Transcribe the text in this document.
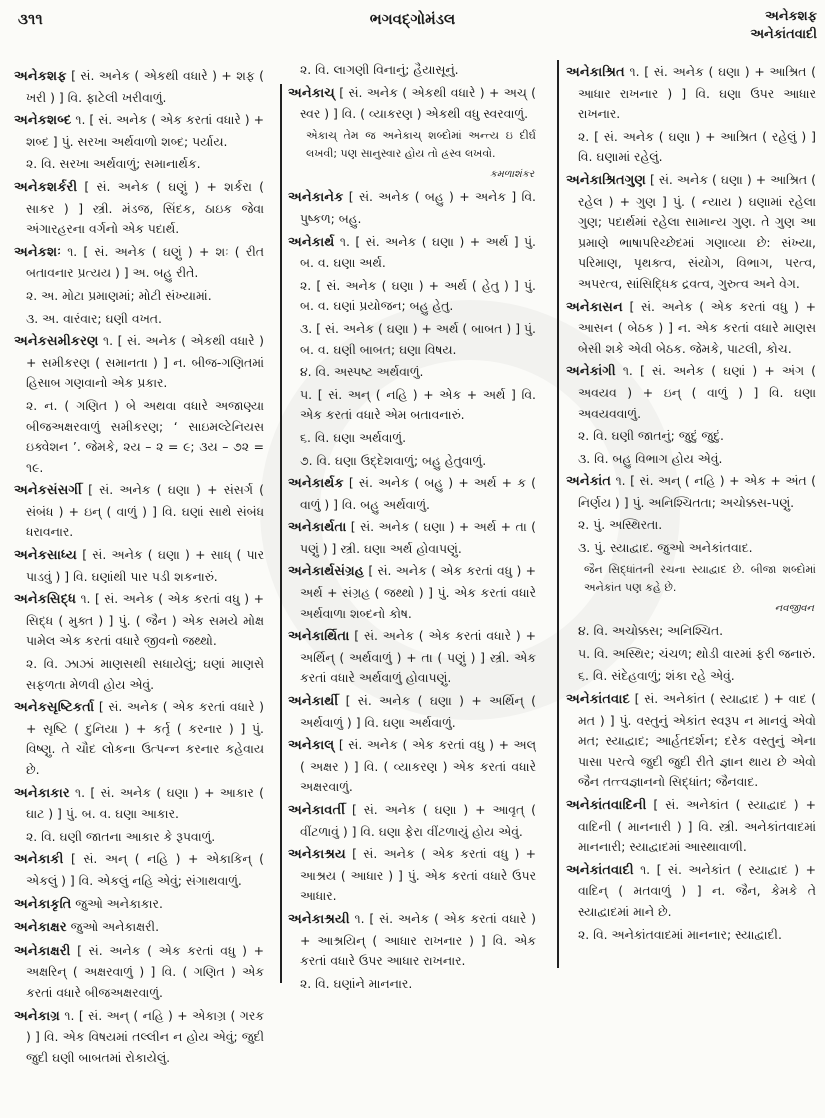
૩૧૧	ભગવદ્ગોમંડલ	અનેકશફ
અનેકાંતવાદી

અનેકશફ [ સં. અનેક ( એકથી વધારે ) + શફ ( ખરી ) ] વિ. ફાટેલી ખરીવાળું.

અનેકશબ્દ ૧. [ સં. અનેક ( એક કરતાં વધારે ) + શબ્દ ] પું. સરખા અર્થવાળો શબ્દ; પર્યાય.

૨. વિ. સરખા અર્થવાળું; સમાનાર્થક.

અનેકશર્કરી [ સં. અનેક ( ઘણું ) + શર્કરા ( સાકર ) ] સ્ત્રી. મંડજ, સિંદક, ઠાઇક જેવા અંગારહરના વર્ગનો એક પદાર્થ.

અનેકશઃ ૧. [ સં. અનેક ( ઘણું ) + શઃ ( રીત બતાવનાર પ્રત્યય ) ] અ. બહુ રીતે.

૨. અ. મોટા પ્રમાણમાં; મોટી સંખ્યામાં.

૩. અ. વારંવાર; ઘણી વખત.

અનેકસમીકરણ ૧. [ સં. અનેક ( એકથી વધારે ) + સમીકરણ ( સમાનતા ) ] ન. બીજ-ગણિતમાં હિસાબ ગણવાનો એક પ્રકાર.

૨. ન. ( ગણિત ) બે અથવા વધારે અજાણ્યા બીજઅક્ષરવાળું સમીકરણ; ‘ સાઇમલ્ટેનિયસ ઇક્વેશન ’. જેમકે, ૨ય – ૨ = ૯; ૩ય – ૭૨ = ૧૯.

અનેકસંસર્ગી [ સં. અનેક ( ઘણા ) + સંસર્ગ ( સંબંધ ) + ઇન્ ( વાળું ) ] વિ. ઘણાં સાથે સંબંધ ધરાવનાર.

અનેકસાધ્ય [ સં. અનેક ( ઘણા ) + સાધ્ ( પાર પાડવું ) ] વિ. ઘણાંથી પાર પડી શકનારું.

અનેકસિદ્ધ ૧. [ સં. અનેક ( એક કરતાં વધુ ) + સિદ્ધ ( મુક્ત ) ] પું. ( જૈન ) એક સમયે મોક્ષ પામેલ એક કરતાં વધારે જીવનો જથ્થો.

૨. વિ. ઝાઝાં માણસથી સધાયેલું; ઘણાં માણસે સફળતા મેળવી હોય એવું.

અનેકસૃષ્ટિકર્તા [ સં. અનેક ( એક કરતાં વધારે ) + સૃષ્ટિ ( દુનિયા ) + કર્તૃ ( કરનાર ) ] પું. વિષ્ણુ. તે ચૌદ લોકના ઉત્પન્ન કરનાર કહેવાય છે.

અનેકાકાર ૧. [ સં. અનેક ( ઘણા ) + આકાર ( ઘાટ ) ] પું. બ. વ. ઘણા આકાર.

૨. વિ. ઘણી જાતના આકાર કે રૂપવાળું.

અનેકાકી [ સં. અન્ ( નહિ ) + એકાકિન્ ( એકલું ) ] વિ. એકલું નહિ એવું; સંગાથવાળું.

અનેકાકૃતિ જુઓ અનેકાકાર.

અનેકાક્ષર જુઓ અનેકાક્ષરી.

અનેકાક્ષરી [ સં. અનેક ( એક કરતાં વધુ ) + અક્ષરિન્ ( અક્ષરવાળું ) ] વિ. ( ગણિત ) એક કરતાં વધારે બીજઅક્ષરવાળું.

અનેકાગ્ર ૧. [ સં. અન્ ( નહિ ) + એકાગ્ર ( ગરક ) ] વિ. એક વિષયમાં તલ્લીન ન હોય એવું; જુદી જુદી ઘણી બાબતમાં રોકાયેલું.

૨. વિ. લાગણી વિનાનું; હૈયાસૂનું.

અનેકાચ્ [ સં. અનેક ( એકથી વધારે ) + અચ્ ( સ્વર ) ] વિ. ( વ્યાકરણ ) એકથી વધુ સ્વરવાળું.

એકાચ્ તેમ જ અનેકાચ્ શબ્દોમાં અન્ત્ય ઇ દીર્ઘ લખવી; પણ સાનુસ્વાર હોય તો હ્રસ્વ લખવો.

કમળાશંકર

અનેકાનેક [ સં. અનેક ( બહુ ) + અનેક ] વિ. પુષ્કળ; બહુ.

અનેકાર્થ ૧. [ સં. અનેક ( ઘણા ) + અર્થ ] પું. બ. વ. ઘણા અર્થ.

૨. [ સં. અનેક ( ઘણા ) + અર્થ ( હેતુ ) ] પું. બ. વ. ઘણાં પ્રયોજન; બહુ હેતુ.

૩. [ સં. અનેક ( ઘણા ) + અર્થ ( બાબત ) ] પું. બ. વ. ઘણી બાબત; ઘણા વિષય.

૪. વિ. અસ્પષ્ટ અર્થવાળું.

૫. [ સં. અન્ ( નહિ ) + એક + અર્થ ] વિ. એક કરતાં વધારે એમ બતાવનારું.

૬. વિ. ઘણા અર્થવાળું.

૭. વિ. ઘણા ઉદ્દેશવાળું; બહુ હેતુવાળું.

અનેકાર્થક [ સં. અનેક ( બહુ ) + અર્થ + ક ( વાળું ) ] વિ. બહુ અર્થવાળું.

અનેકાર્થતા [ સં. અનેક ( ઘણા ) + અર્થ + તા ( પણું ) ] સ્ત્રી. ઘણા અર્થ હોવાપણું.

અનેકાર્થસંગ્રહ [ સં. અનેક ( એક કરતાં વધુ ) + અર્થ + સંગ્રહ ( જથ્થો ) ] પું. એક કરતાં વધારે અર્થવાળા શબ્દનો કોષ.

અનેકાર્થિતા [ સં. અનેક ( એક કરતાં વધારે ) + અર્થિન્ ( અર્થવાળું ) + તા ( પણું ) ] સ્ત્રી. એક કરતાં વધારે અર્થવાળું હોવાપણું.

અનેકાર્થી [ સં. અનેક ( ઘણા ) + અર્થિન્ ( અર્થવાળું ) ] વિ. ઘણા અર્થવાળું.

અનેકાલ્ [ સં. અનેક ( એક કરતાં વધુ ) + અલ્ ( અક્ષર ) ] વિ. ( વ્યાકરણ ) એક કરતાં વધારે અક્ષરવાળું.

અનેકાવર્તી [ સં. અનેક ( ઘણા ) + આવૃત્ ( વીંટળાવું ) ] વિ. ઘણા ફેરા વીંટળાયું હોય એવું.

અનેકાશ્રય [ સં. અનેક ( એક કરતાં વધુ ) + આશ્રય ( આધાર ) ] પું. એક કરતાં વધારે ઉપર આધાર.

અનેકાશ્રયી ૧. [ સં. અનેક ( એક કરતાં વધારે ) + આશ્રયિન્ ( આધાર રાખનાર ) ] વિ. એક કરતાં વધારે ઉપર આધાર રાખનાર.

૨. વિ. ઘણાંને માનનાર.

અનેકાશ્રિત ૧. [ સં. અનેક ( ઘણા ) + આશ્રિત ( આધાર રાખનાર ) ] વિ. ઘણા ઉપર આધાર રાખનાર.

૨. [ સં. અનેક ( ઘણા ) + આશ્રિત ( રહેલું ) ] વિ. ઘણામાં રહેલું.

અનેકાશ્રિતગુણ [ સં. અનેક ( ઘણા ) + આશ્રિત ( રહેલ ) + ગુણ ] પું. ( ન્યાય ) ઘણામાં રહેલા ગુણ; પદાર્થમાં રહેલા સામાન્ય ગુણ. તે ગુણ આ પ્રમાણે ભાષાપરિચ્છેદમાં ગણાવ્યા છે: સંખ્યા, પરિમાણ, પૃથક્ત્વ, સંયોગ, વિભાગ, પરત્વ, અપરત્વ, સાંસિદ્ધિક દ્રવત્વ, ગુરુત્વ અને વેગ.

અનેકાસન [ સં. અનેક ( એક કરતાં વધુ ) + આસન ( બેઠક ) ] ન. એક કરતાં વધારે માણસ બેસી શકે એવી બેઠક. જેમકે, પાટલી, કોચ.

અનેકાંગી ૧. [ સં. અનેક ( ઘણાં ) + અંગ ( અવયવ ) + ઇન્ ( વાળું ) ] વિ. ઘણા અવયવવાળું.

૨. વિ. ઘણી જાતનું; જુદું જુદું.

૩. વિ. બહુ વિભાગ હોય એવું.

અનેકાંત ૧. [ સં. અન્ ( નહિ ) + એક + અંત ( નિર્ણય ) ] પું. અનિશ્ચિતતા; અચોક્કસ-પણું.

૨. પું. અસ્થિરતા.

૩. પું. સ્યાદ્વાદ. જુઓ અનેકાંતવાદ.

જૈન સિદ્ધાંતની રચના સ્યાદ્વાદ છે. બીજા શબ્દોમાં અનેકાંત પણ કહે છે.

નવજીવન

૪. વિ. અચોક્કસ; અનિશ્ચિત.

૫. વિ. અસ્થિર; ચંચળ; થોડી વારમાં ફરી જનારું.

૬. વિ. સંદેહવાળું; શંકા રહે એવું.

અનેકાંતવાદ [ સં. અનેકાંત ( સ્યાદ્વાદ ) + વાદ ( મત ) ] પું. વસ્તુનું એકાંત સ્વરૂપ ન માનવું એવો મત; સ્યાદ્વાદ; આર્હતદર્શન; દરેક વસ્તુનું એના પાસા પરત્વે જુદી જુદી રીતે જ્ઞાન થાય છે એવો જૈન તત્ત્વજ્ઞાનનો સિદ્ધાંત; જૈનવાદ.

અનેકાંતવાદિની [ સં. અનેકાંત ( સ્યાદ્વાદ ) + વાદિની ( માનનારી ) ] વિ. સ્ત્રી. અનેકાંતવાદમાં માનનારી; સ્યાદ્વાદમાં આસ્થાવાળી.

અનેકાંતવાદી ૧. [ સં. અનેકાંત ( સ્યાદ્વાદ ) + વાદિન્ ( મતવાળું ) ] ન. જૈન, કેમકે તે સ્યાદ્વાદમાં માને છે.

૨. વિ. અનેકાંતવાદમાં માનનાર; સ્યાદ્વાદી.
